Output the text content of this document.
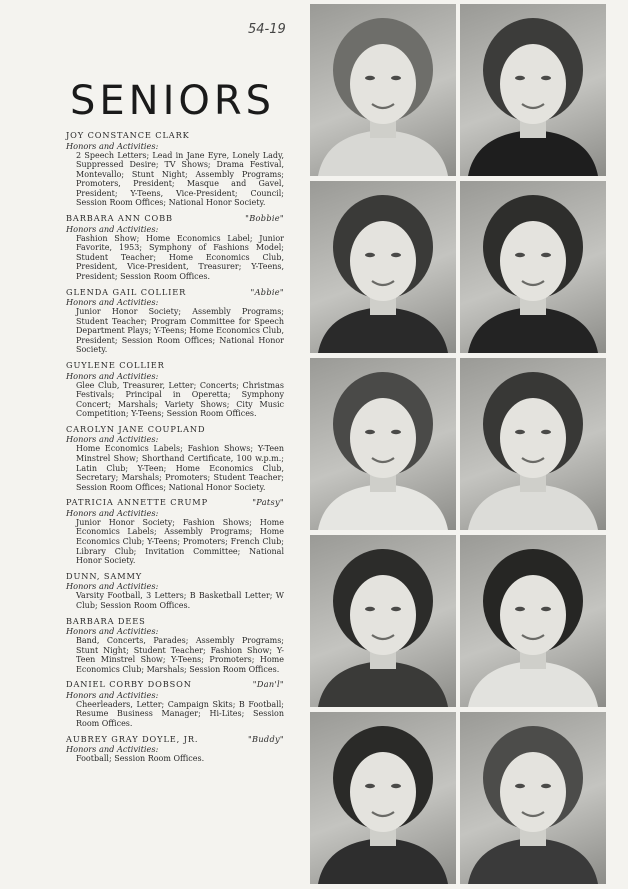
54-19
SENIORS
JOY CONSTANCE CLARK
Honors and Activities:
2 Speech Letters; Lead in Jane Eyre, Lonely Lady, Suppressed Desire; TV Shows; Drama Festival, Montevallo; Stunt Night; Assembly Programs; Promoters, President; Masque and Gavel, President; Y-Teens, Vice-President; Council; Session Room Offices; National Honor Society.
BARBARA ANN COBB	"Bobbie"
Honors and Activities:
Fashion Show; Home Economics Label; Junior Favorite, 1953; Symphony of Fashions Model; Student Teacher; Home Economics Club, President, Vice-President, Treasurer; Y-Teens, President; Session Room Offices.
GLENDA GAIL COLLIER	"Abbie"
Honors and Activities:
Junior Honor Society; Assembly Programs; Student Teacher; Program Committee for Speech Department Plays; Y-Teens; Home Economics Club, President; Session Room Offices; National Honor Society.
GUYLENE COLLIER
Honors and Activities:
Glee Club, Treasurer, Letter; Concerts; Christmas Festivals; Principal in Operetta; Symphony Concert; Marshals; Variety Shows; City Music Competition; Y-Teens; Session Room Offices.
CAROLYN JANE COUPLAND
Honors and Activities:
Home Economics Labels; Fashion Shows; Y-Teen Minstrel Show; Shorthand Certificate, 100 w.p.m.; Latin Club; Y-Teen; Home Economics Club, Secretary; Marshals; Promoters; Student Teacher; Session Room Offices; National Honor Society.
PATRICIA ANNETTE CRUMP	"Patsy"
Honors and Activities:
Junior Honor Society; Fashion Shows; Home Economics Labels; Assembly Programs; Home Economics Club; Y-Teens; Promoters; French Club; Library Club; Invitation Committee; National Honor Society.
DUNN, SAMMY
Honors and Activities:
Varsity Football, 3 Letters; B Basketball Letter; W Club; Session Room Offices.
BARBARA DEES
Honors and Activities:
Band, Concerts, Parades; Assembly Programs; Stunt Night; Student Teacher; Fashion Show; Y-Teen Minstrel Show; Y-Teens; Promoters; Home Economics Club; Marshals; Session Room Offices.
DANIEL CORBY DOBSON	"Dan'l"
Honors and Activities:
Cheerleaders, Letter; Campaign Skits; B Football; Resume Business Manager; Hi-Lites; Session Room Offices.
AUBREY GRAY DOYLE, JR.	"Buddy"
Honors and Activities:
Football; Session Room Offices.
